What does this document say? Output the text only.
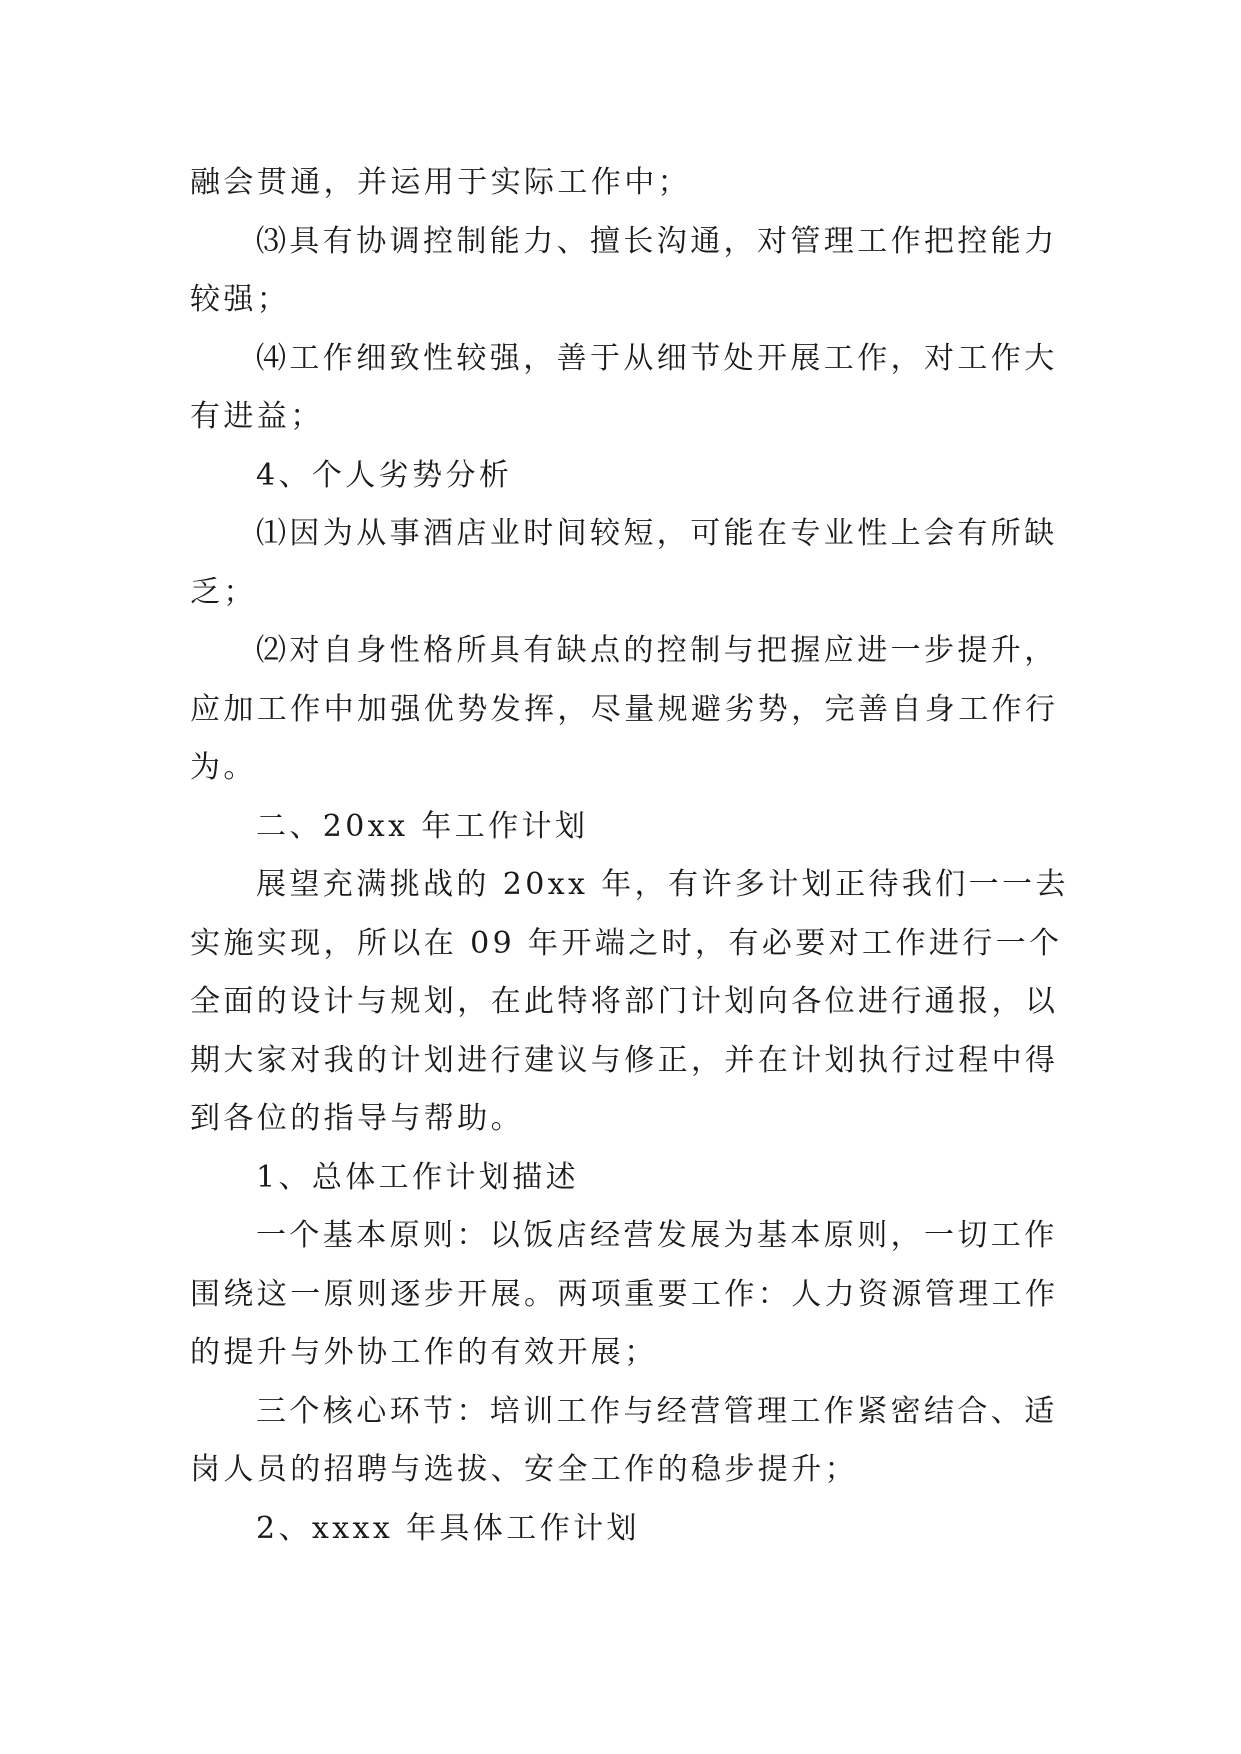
融会贯通，并运用于实际工作中；

⑶具有协调控制能力、擅长沟通，对管理工作把控能力

较强；

⑷工作细致性较强，善于从细节处开展工作，对工作大

有进益；

4、个人劣势分析

⑴因为从事酒店业时间较短，可能在专业性上会有所缺

乏；

⑵对自身性格所具有缺点的控制与把握应进一步提升，

应加工作中加强优势发挥，尽量规避劣势，完善自身工作行

为。

二、20xx 年工作计划

展望充满挑战的 20xx 年，有许多计划正待我们一一去

实施实现，所以在 09 年开端之时，有必要对工作进行一个

全面的设计与规划，在此特将部门计划向各位进行通报，以

期大家对我的计划进行建议与修正，并在计划执行过程中得

到各位的指导与帮助。

1、总体工作计划描述

一个基本原则：以饭店经营发展为基本原则，一切工作

围绕这一原则逐步开展。两项重要工作：人力资源管理工作

的提升与外协工作的有效开展；

三个核心环节：培训工作与经营管理工作紧密结合、适

岗人员的招聘与选拔、安全工作的稳步提升；

2、xxxx 年具体工作计划
